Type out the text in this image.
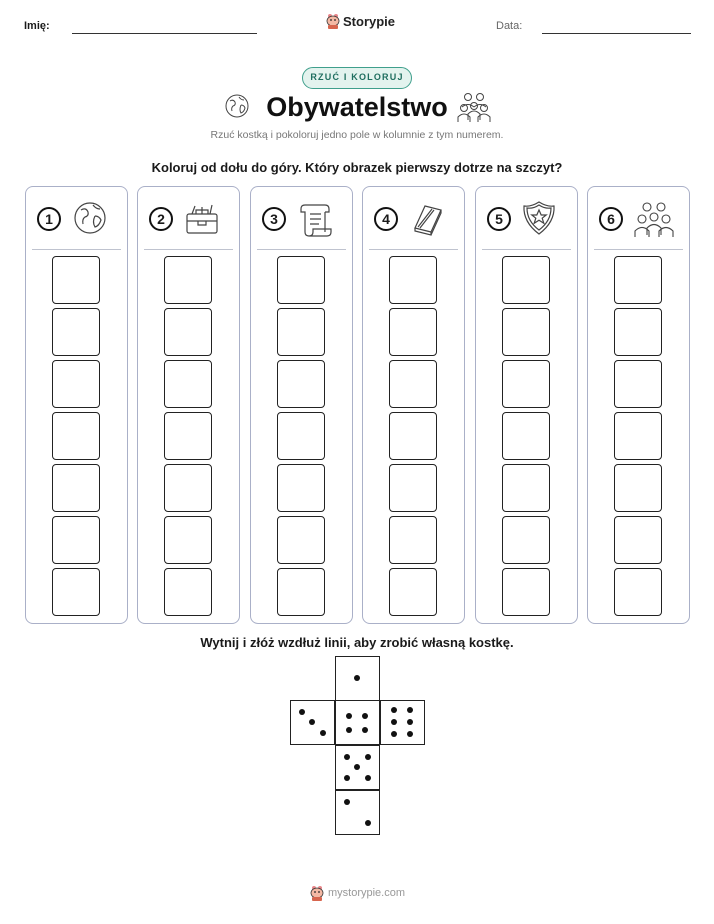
Imię:	Storypie	Data:
RZUĆ I KOLORUJ
Obywatelstwo

Rzuć kostką i pokoloruj jedno pole w kolumnie z tym numerem.

Koloruj od dołu do góry. Który obrazek pierwszy dotrze na szczyt?

1	2	3	4	5	6

Wytnij i złóż wzdłuż linii, aby zrobić własną kostkę.

mystorypie.com
